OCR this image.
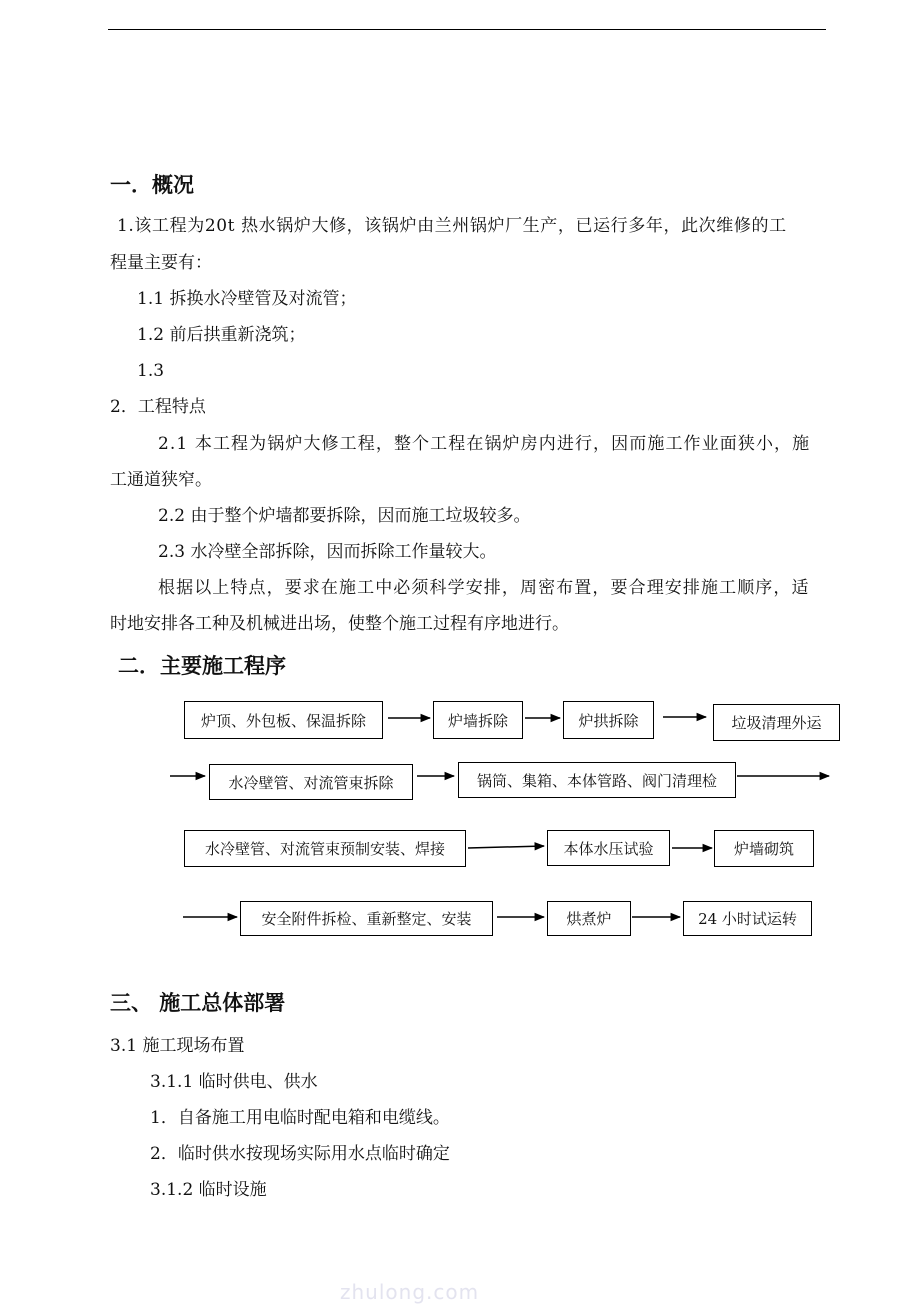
一．概况
1.该工程为20t 热水锅炉大修，该锅炉由兰州锅炉厂生产，已运行多年，此次维修的工
程量主要有：
1.1 拆换水冷壁管及对流管；
1.2 前后拱重新浇筑；
1.3
2．工程特点
2.1 本工程为锅炉大修工程，整个工程在锅炉房内进行，因而施工作业面狭小，施
工通道狭窄。
2.2 由于整个炉墙都要拆除，因而施工垃圾较多。
2.3 水冷壁全部拆除，因而拆除工作量较大。
根据以上特点，要求在施工中必须科学安排，周密布置，要合理安排施工顺序，适
时地安排各工种及机械进出场，使整个施工过程有序地进行。
二．主要施工程序
炉顶、外包板、保温拆除	炉墙拆除	炉拱拆除	垃圾清理外运
水冷壁管、对流管束拆除	锅筒、集箱、本体管路、阀门清理检
水冷壁管、对流管束预制安装、焊接	本体水压试验	炉墙砌筑
安全附件拆检、重新整定、安装	烘煮炉	24 小时试运转
三、 施工总体部署
3.1 施工现场布置
3.1.1 临时供电、供水
1．自备施工用电临时配电箱和电缆线。
2．临时供水按现场实际用水点临时确定
3.1.2 临时设施
zhulong.com
